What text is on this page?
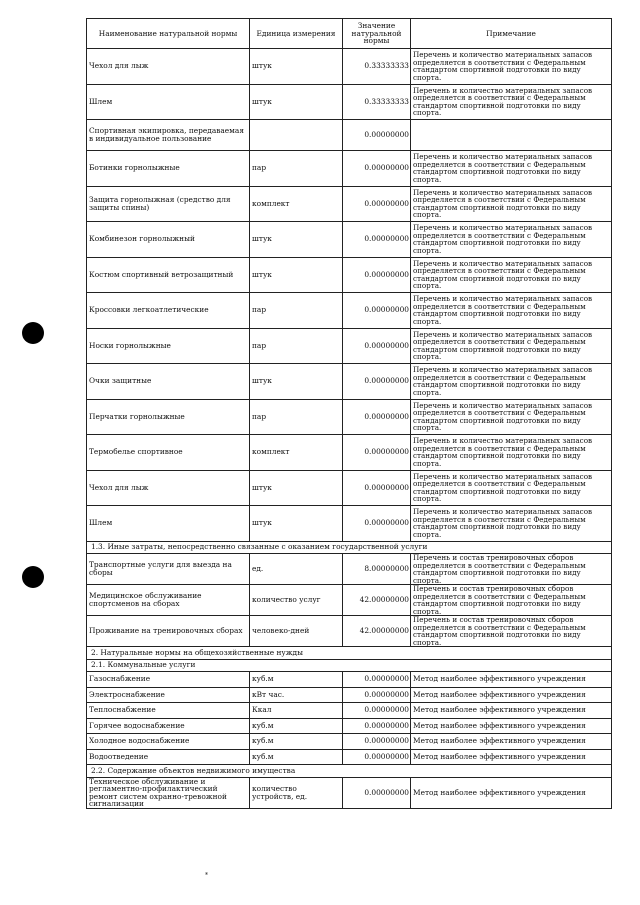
Наименование натуральной нормы	Единица измерения	Значение натуральной нормы	Примечание
Чехол для лыж	штук	0.33333333	Перечень и количество материальных запасов определяется в соответствии с Федеральным стандартом спортивной подготовки по виду спорта.
Шлем	штук	0.33333333	Перечень и количество материальных запасов определяется в соответствии с Федеральным стандартом спортивной подготовки по виду спорта.
Спортивная экипировка, передаваемая в индивидуальное пользование		0.00000000	
Ботинки горнолыжные	пар	0.00000000	Перечень и количество материальных запасов определяется в соответствии с Федеральным стандартом спортивной подготовки по виду спорта.
Защита горнолыжная (средство для защиты спины)	комплект	0.00000000	Перечень и количество материальных запасов определяется в соответствии с Федеральным стандартом спортивной подготовки по виду спорта.
Комбинезон горнолыжный	штук	0.00000000	Перечень и количество материальных запасов определяется в соответствии с Федеральным стандартом спортивной подготовки по виду спорта.
Костюм спортивный ветрозащитный	штук	0.00000000	Перечень и количество материальных запасов определяется в соответствии с Федеральным стандартом спортивной подготовки по виду спорта.
Кроссовки легкоатлетические	пар	0.00000000	Перечень и количество материальных запасов определяется в соответствии с Федеральным стандартом спортивной подготовки по виду спорта.
Носки горнолыжные	пар	0.00000000	Перечень и количество материальных запасов определяется в соответствии с Федеральным стандартом спортивной подготовки по виду спорта.
Очки защитные	штук	0.00000000	Перечень и количество материальных запасов определяется в соответствии с Федеральным стандартом спортивной подготовки по виду спорта.
Перчатки горнолыжные	пар	0.00000000	Перечень и количество материальных запасов определяется в соответствии с Федеральным стандартом спортивной подготовки по виду спорта.
Термобелье спортивное	комплект	0.00000000	Перечень и количество материальных запасов определяется в соответствии с Федеральным стандартом спортивной подготовки по виду спорта.
Чехол для лыж	штук	0.00000000	Перечень и количество материальных запасов определяется в соответствии с Федеральным стандартом спортивной подготовки по виду спорта.
Шлем	штук	0.00000000	Перечень и количество материальных запасов определяется в соответствии с Федеральным стандартом спортивной подготовки по виду спорта.
1.3. Иные затраты, непосредственно связанные с оказанием государственной услуги			
Транспортные услуги для выезда на сборы	ед.	8.00000000	Перечень и состав тренировочных сборов определяется в соответствии с Федеральным стандартом спортивной подготовки по виду спорта.
Медицинское обслуживание спортсменов на сборах	количество услуг	42.00000000	Перечень и состав тренировочных сборов определяется в соответствии с Федеральным стандартом спортивной подготовки по виду спорта.
Проживание на тренировочных сборах	человеко-дней	42.00000000	Перечень и состав тренировочных сборов определяется в соответствии с Федеральным стандартом спортивной подготовки по виду спорта.
2. Натуральные нормы на общехозяйственные нужды			
2.1. Коммунальные услуги			
Газоснабжение	куб.м	0.00000000	Метод наиболее эффективного учреждения
Электроснабжение	кВт час.	0.00000000	Метод наиболее эффективного учреждения
Теплоснабжение	Ккал	0.00000000	Метод наиболее эффективного учреждения
Горячее водоснабжение	куб.м	0.00000000	Метод наиболее эффективного учреждения
Холодное водоснабжение	куб.м	0.00000000	Метод наиболее эффективного учреждения
Водоотведение	куб.м	0.00000000	Метод наиболее эффективного учреждения
2.2. Содержание объектов недвижимого имущества			
Техническое обслуживание и регламентно-профилактический ремонт систем охранно-тревожной сигнализации	количество устройств, ед.	0.00000000	Метод наиболее эффективного учреждения
*
